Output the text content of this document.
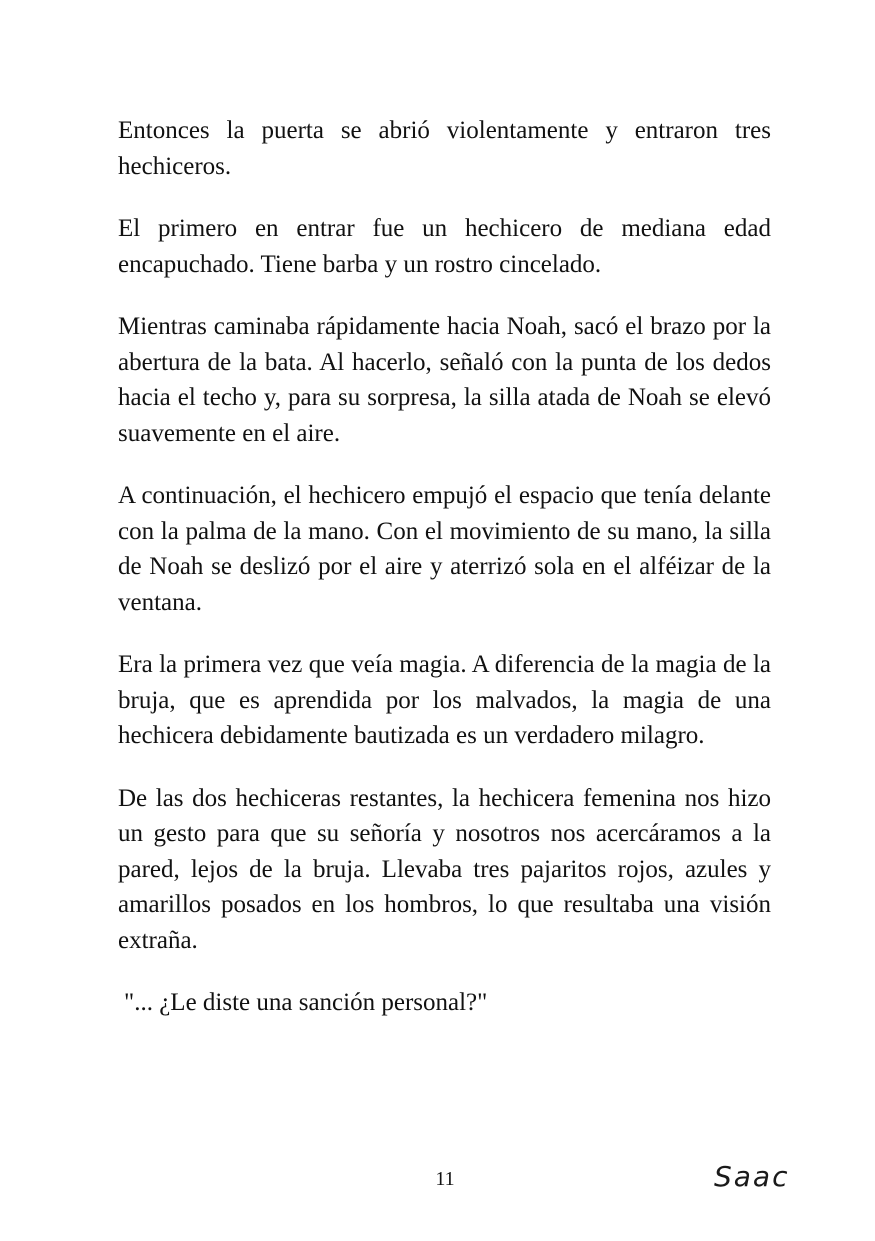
Entonces la puerta se abrió violentamente y entraron tres hechiceros.

El primero en entrar fue un hechicero de mediana edad encapuchado. Tiene barba y un rostro cincelado.

Mientras caminaba rápidamente hacia Noah, sacó el brazo por la abertura de la bata. Al hacerlo, señaló con la punta de los dedos hacia el techo y, para su sorpresa, la silla atada de Noah se elevó suavemente en el aire.

A continuación, el hechicero empujó el espacio que tenía delante con la palma de la mano. Con el movimiento de su mano, la silla de Noah se deslizó por el aire y aterrizó sola en el alféizar de la ventana.

Era la primera vez que veía magia. A diferencia de la magia de la bruja, que es aprendida por los malvados, la magia de una hechicera debidamente bautizada es un verdadero milagro.

De las dos hechiceras restantes, la hechicera femenina nos hizo un gesto para que su señoría y nosotros nos acercáramos a la pared, lejos de la bruja. Llevaba tres pajaritos rojos, azules y amarillos posados en los hombros, lo que resultaba una visión extraña.

"... ¿Le diste una sanción personal?"

11	Saac
